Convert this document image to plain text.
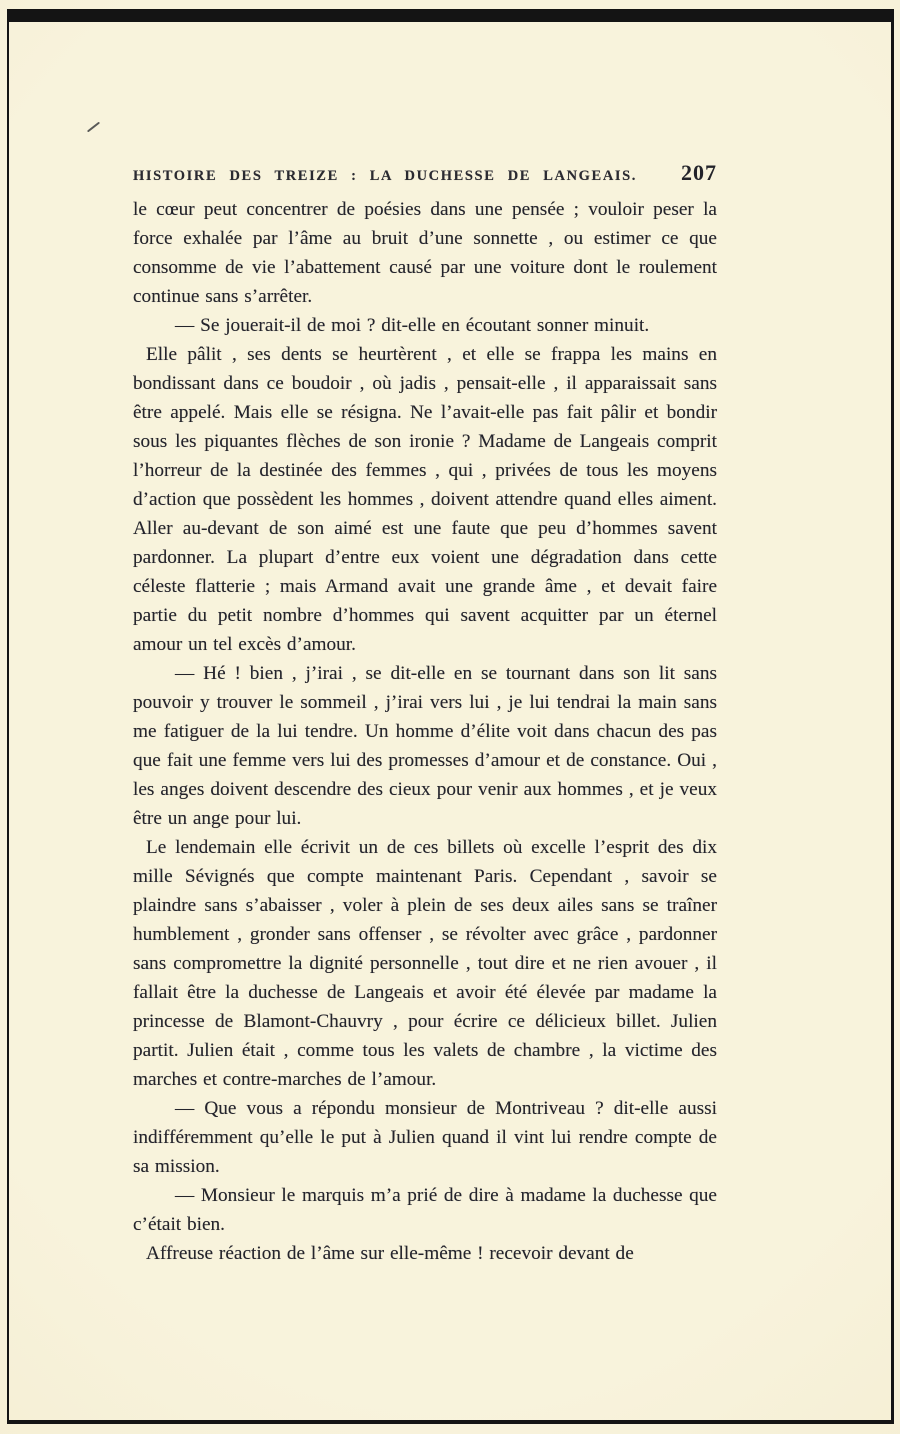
HISTOIRE DES TREIZE : LA DUCHESSE DE LANGEAIS. 207

le cœur peut concentrer de poésies dans une pensée ; vouloir peser la force exhalée par l’âme au bruit d’une sonnette , ou estimer ce que consomme de vie l’abattement causé par une voiture dont le roulement continue sans s’arrêter.

— Se jouerait-il de moi ? dit-elle en écoutant sonner minuit.

Elle pâlit , ses dents se heurtèrent , et elle se frappa les mains en bondissant dans ce boudoir , où jadis , pensait-elle , il apparaissait sans être appelé. Mais elle se résigna. Ne l’avait-elle pas fait pâlir et bondir sous les piquantes flèches de son ironie ? Madame de Langeais comprit l’horreur de la destinée des femmes , qui , privées de tous les moyens d’action que possèdent les hommes , doivent attendre quand elles aiment. Aller au-devant de son aimé est une faute que peu d’hommes savent pardonner. La plupart d’entre eux voient une dégradation dans cette céleste flatterie ; mais Armand avait une grande âme , et devait faire partie du petit nombre d’hommes qui savent acquitter par un éternel amour un tel excès d’amour.

— Hé ! bien , j’irai , se dit-elle en se tournant dans son lit sans pouvoir y trouver le sommeil , j’irai vers lui , je lui tendrai la main sans me fatiguer de la lui tendre. Un homme d’élite voit dans chacun des pas que fait une femme vers lui des promesses d’amour et de constance. Oui , les anges doivent descendre des cieux pour venir aux hommes , et je veux être un ange pour lui.

Le lendemain elle écrivit un de ces billets où excelle l’esprit des dix mille Sévignés que compte maintenant Paris. Cependant , savoir se plaindre sans s’abaisser , voler à plein de ses deux ailes sans se traîner humblement , gronder sans offenser , se révolter avec grâce , pardonner sans compromettre la dignité personnelle , tout dire et ne rien avouer , il fallait être la duchesse de Langeais et avoir été élevée par madame la princesse de Blamont-Chauvry , pour écrire ce délicieux billet. Julien partit. Julien était , comme tous les valets de chambre , la victime des marches et contre-marches de l’amour.

— Que vous a répondu monsieur de Montriveau ? dit-elle aussi indifféremment qu’elle le put à Julien quand il vint lui rendre compte de sa mission.

— Monsieur le marquis m’a prié de dire à madame la duchesse que c’était bien.

Affreuse réaction de l’âme sur elle-même ! recevoir devant de
